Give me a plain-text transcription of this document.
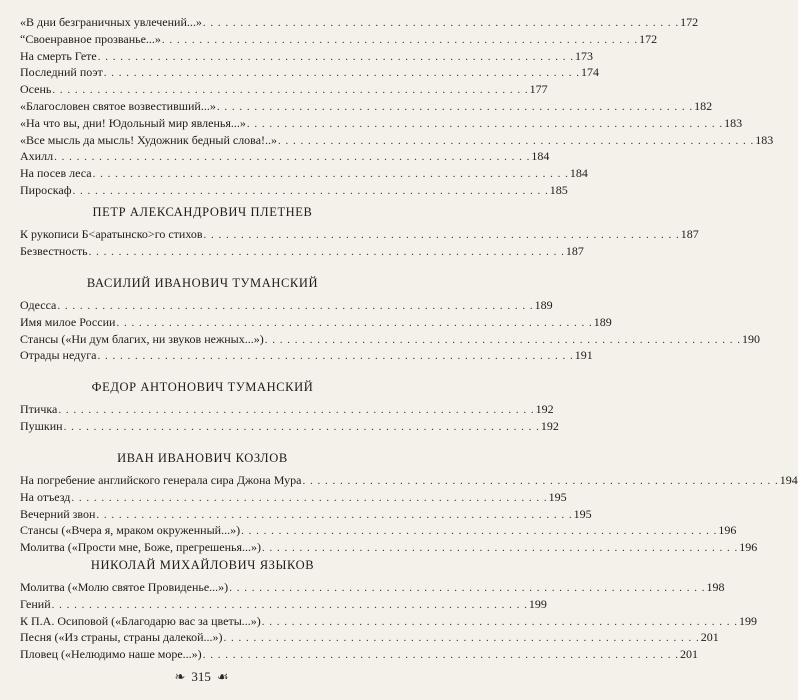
«В дни безграничных увлечений...» . . .	172
“Своенравное прозванье...» . . .	172
На смерть Гете . . .	173
Последний поэт . . .	174
Осень . . .	177
«Благословен святое возвестивший...» . . .	182
«На что вы, дни! Юдольный мир явленья...» . . .	183
«Все мысль да мысль! Художник бедный слова!..» . . .	183
Ахилл . . .	184
На посев леса . . .	184
Пироскаф . . .	185
ПЕТР АЛЕКСАНДРОВИЧ ПЛЕТНЕВ
К рукописи Б<аратынско>го стихов . . .	187
Безвестность . . .	187
ВАСИЛИЙ ИВАНОВИЧ ТУМАНСКИЙ
Одесса . . .	189
Имя милое России . . .	189
Стансы («Ни дум благих, ни звуков нежных...») . . .	190
Отрады недуга . . .	191
ФЕДОР АНТОНОВИЧ ТУМАНСКИЙ
Птичка . . .	192
Пушкин . . .	192
ИВАН ИВАНОВИЧ КОЗЛОВ
На погребение английского генерала сира Джона Мура . . .	194
На отъезд . . .	195
Вечерний звон . . .	195
Стансы («Вчера я, мраком окруженный...») . . .	196
Молитва («Прости мне, Боже, прегрешенья...») . . .	196
НИКОЛАЙ МИХАЙЛОВИЧ ЯЗЫКОВ
Молитва («Молю святое Провиденье...») . . .	198
Гений . . .	199
К П.А. Осиповой («Благодарю вас за цветы...») . . .	199
Песня («Из страны, страны далекой...») . . .	201
Пловец («Нелюдимо наше море...») . . .	201
❧ 315 ☙
